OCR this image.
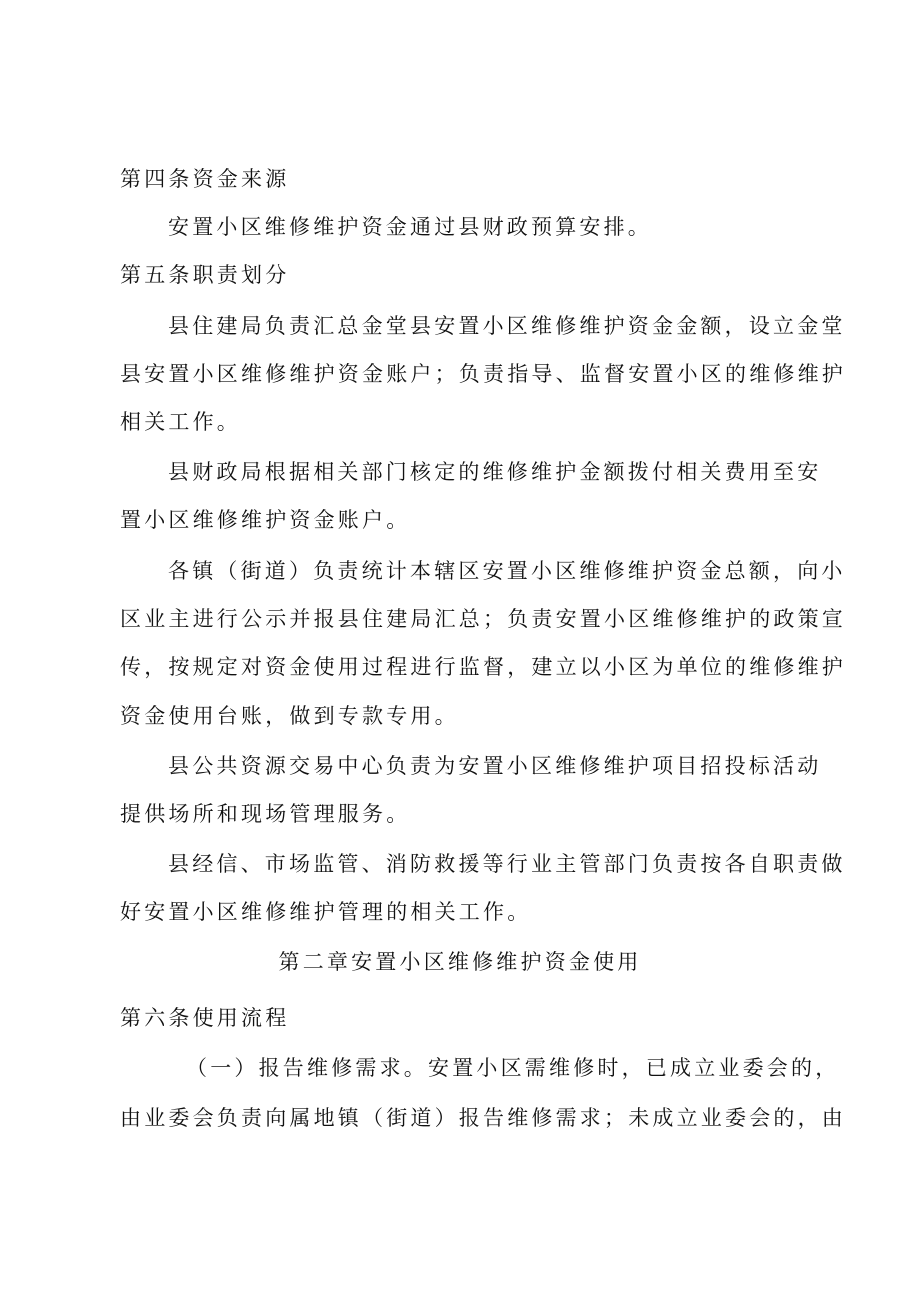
第四条资金来源
安置小区维修维护资金通过县财政预算安排。
第五条职责划分
县住建局负责汇总金堂县安置小区维修维护资金金额，设立金堂
县安置小区维修维护资金账户；负责指导、监督安置小区的维修维护
相关工作。
县财政局根据相关部门核定的维修维护金额拨付相关费用至安
置小区维修维护资金账户。
各镇（街道）负责统计本辖区安置小区维修维护资金总额，向小
区业主进行公示并报县住建局汇总；负责安置小区维修维护的政策宣
传，按规定对资金使用过程进行监督，建立以小区为单位的维修维护
资金使用台账，做到专款专用。
县公共资源交易中心负责为安置小区维修维护项目招投标活动
提供场所和现场管理服务。
县经信、市场监管、消防救援等行业主管部门负责按各自职责做
好安置小区维修维护管理的相关工作。
第二章安置小区维修维护资金使用
第六条使用流程
（一）报告维修需求。安置小区需维修时，已成立业委会的，
由业委会负责向属地镇（街道）报告维修需求；未成立业委会的，由
